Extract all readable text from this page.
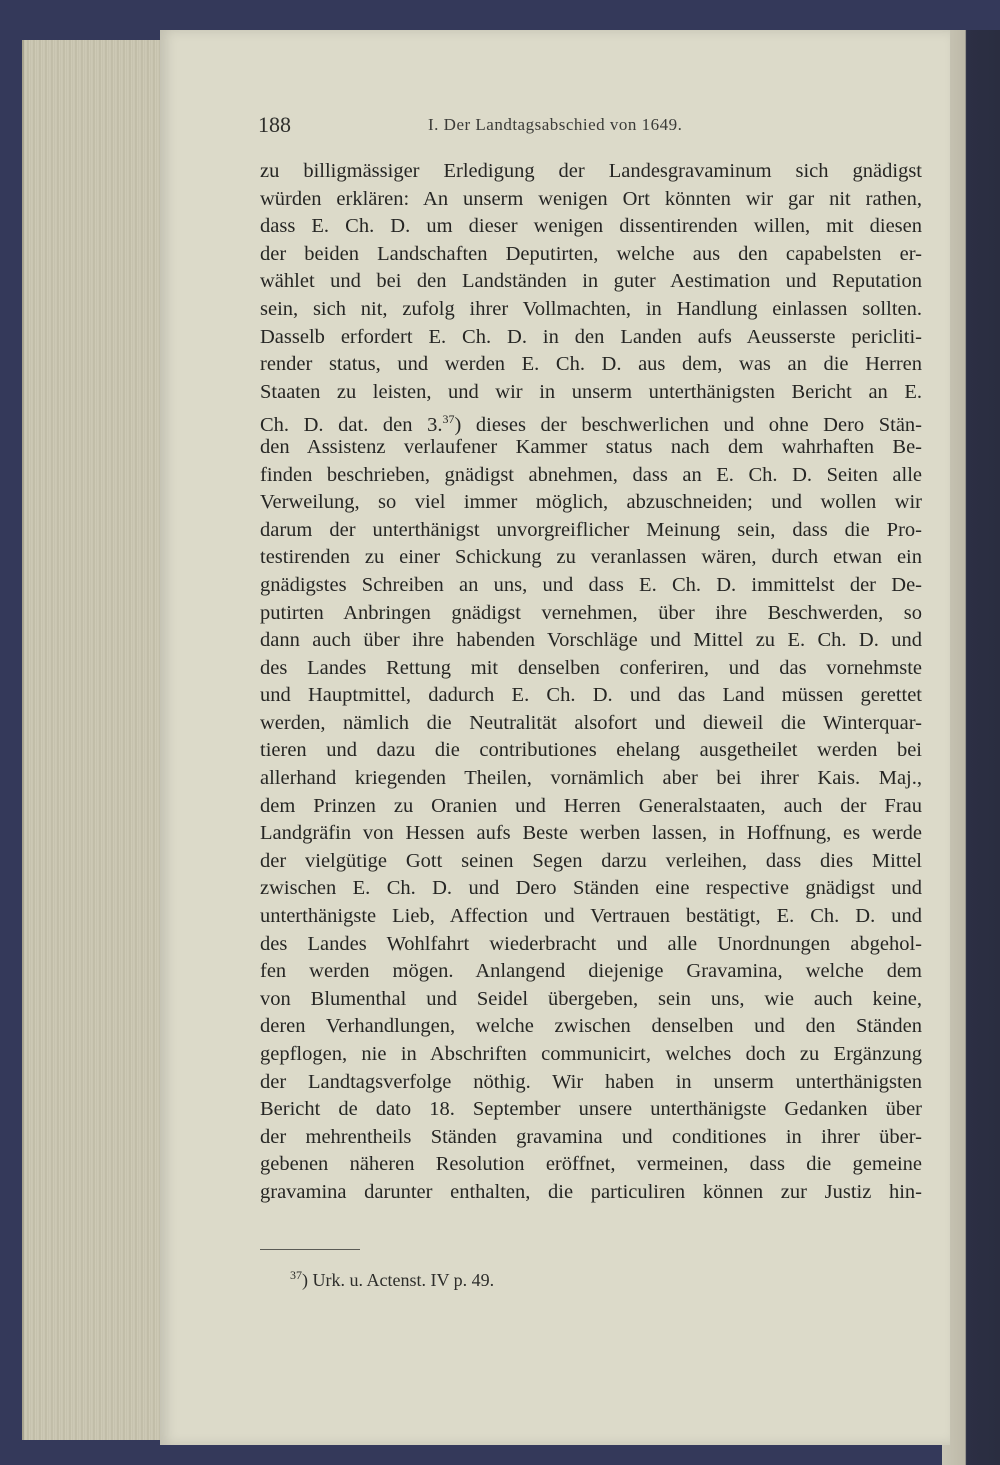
188	I. Der Landtagsabschied von 1649.
zu billigmässiger Erledigung der Landesgravaminum sich gnädigst
würden erklären: An unserm wenigen Ort könnten wir gar nit rathen,
dass E. Ch. D. um dieser wenigen dissentirenden willen, mit diesen
der beiden Landschaften Deputirten, welche aus den capabelsten er-
wählet und bei den Landständen in guter Aestimation und Reputation
sein, sich nit, zufolg ihrer Vollmachten, in Handlung einlassen sollten.
Dasselb erfordert E. Ch. D. in den Landen aufs Aeusserste pericliti-
render status, und werden E. Ch. D. aus dem, was an die Herren
Staaten zu leisten, und wir in unserm unterthänigsten Bericht an E.
Ch. D. dat. den 3.37) dieses der beschwerlichen und ohne Dero Stän-
den Assistenz verlaufener Kammer status nach dem wahrhaften Be-
finden beschrieben, gnädigst abnehmen, dass an E. Ch. D. Seiten alle
Verweilung, so viel immer möglich, abzuschneiden; und wollen wir
darum der unterthänigst unvorgreiflicher Meinung sein, dass die Pro-
testirenden zu einer Schickung zu veranlassen wären, durch etwan ein
gnädigstes Schreiben an uns, und dass E. Ch. D. immittelst der De-
putirten Anbringen gnädigst vernehmen, über ihre Beschwerden, so
dann auch über ihre habenden Vorschläge und Mittel zu E. Ch. D. und
des Landes Rettung mit denselben conferiren, und das vornehmste
und Hauptmittel, dadurch E. Ch. D. und das Land müssen gerettet
werden, nämlich die Neutralität alsofort und dieweil die Winterquar-
tieren und dazu die contributiones ehelang ausgetheilet werden bei
allerhand kriegenden Theilen, vornämlich aber bei ihrer Kais. Maj.,
dem Prinzen zu Oranien und Herren Generalstaaten, auch der Frau
Landgräfin von Hessen aufs Beste werben lassen, in Hoffnung, es werde
der vielgütige Gott seinen Segen darzu verleihen, dass dies Mittel
zwischen E. Ch. D. und Dero Ständen eine respective gnädigst und
unterthänigste Lieb, Affection und Vertrauen bestätigt, E. Ch. D. und
des Landes Wohlfahrt wiederbracht und alle Unordnungen abgehol-
fen werden mögen. Anlangend diejenige Gravamina, welche dem
von Blumenthal und Seidel übergeben, sein uns, wie auch keine,
deren Verhandlungen, welche zwischen denselben und den Ständen
gepflogen, nie in Abschriften communicirt, welches doch zu Ergänzung
der Landtagsverfolge nöthig. Wir haben in unserm unterthänigsten
Bericht de dato 18. September unsere unterthänigste Gedanken über
der mehrentheils Ständen gravamina und conditiones in ihrer über-
gebenen näheren Resolution eröffnet, vermeinen, dass die gemeine
gravamina darunter enthalten, die particuliren können zur Justiz hin-
$^{37}$) Urk. u. Actenst. IV p. 49.
